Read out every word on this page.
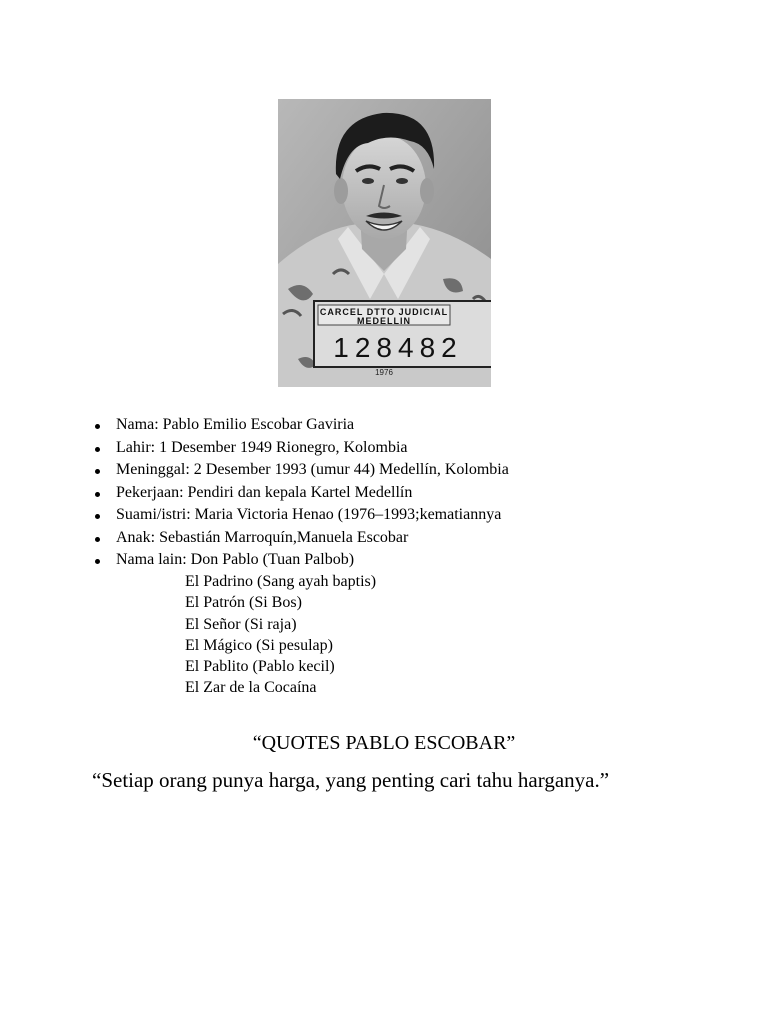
CARCEL DTTO JUDICIAL
MEDELLIN
128482
1976
Nama: Pablo Emilio Escobar Gaviria
Lahir: 1 Desember 1949 Rionegro, Kolombia
Meninggal: 2 Desember 1993 (umur 44) Medellín, Kolombia
Pekerjaan: Pendiri dan kepala Kartel Medellín
Suami/istri: Maria Victoria Henao (1976–1993;kematiannya
Anak: Sebastián Marroquín,Manuela Escobar
Nama lain: Don Pablo (Tuan Palbob)
El Padrino (Sang ayah baptis)
El Patrón (Si Bos)
El Señor (Si raja)
El Mágico (Si pesulap)
El Pablito (Pablo kecil)
El Zar de la Cocaína
“QUOTES PABLO ESCOBAR”
“Setiap orang punya harga, yang penting cari tahu harganya.”
